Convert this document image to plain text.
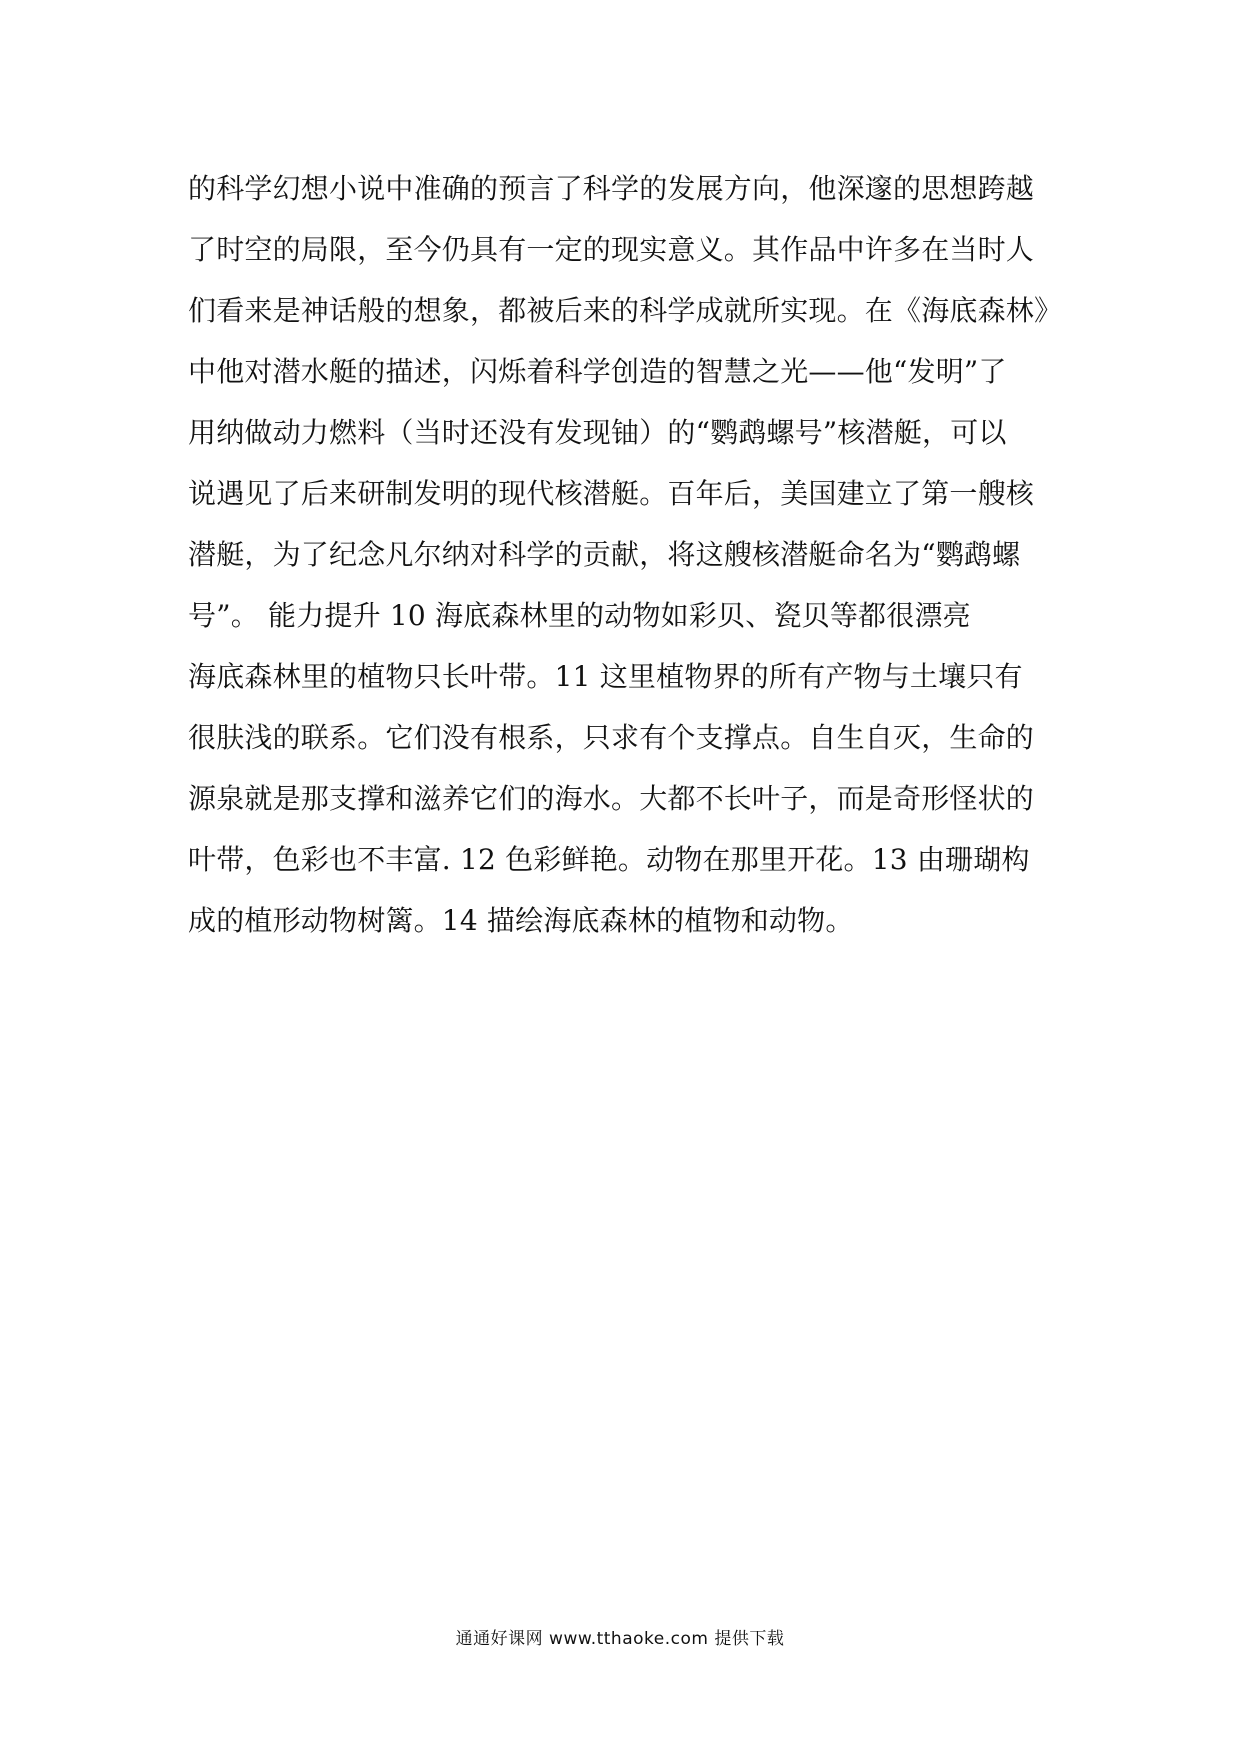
的科学幻想小说中准确的预言了科学的发展方向，他深邃的思想跨越
了时空的局限，至今仍具有一定的现实意义。其作品中许多在当时人
们看来是神话般的想象，都被后来的科学成就所实现。在《海底森林》
中他对潜水艇的描述，闪烁着科学创造的智慧之光——他“发明”了
用纳做动力燃料（当时还没有发现铀）的“鹦鹉螺号”核潜艇，可以
说遇见了后来研制发明的现代核潜艇。百年后，美国建立了第一艘核
潜艇，为了纪念凡尔纳对科学的贡献，将这艘核潜艇命名为“鹦鹉螺
号”。 能力提升 10 海底森林里的动物如彩贝、瓷贝等都很漂亮
海底森林里的植物只长叶带。11 这里植物界的所有产物与土壤只有
很肤浅的联系。它们没有根系，只求有个支撑点。自生自灭，生命的
源泉就是那支撑和滋养它们的海水。大都不长叶子，而是奇形怪状的
叶带，色彩也不丰富. 12 色彩鲜艳。动物在那里开花。13 由珊瑚构
成的植形动物树篱。14 描绘海底森林的植物和动物。
通通好课网 www.tthaoke.com 提供下载
